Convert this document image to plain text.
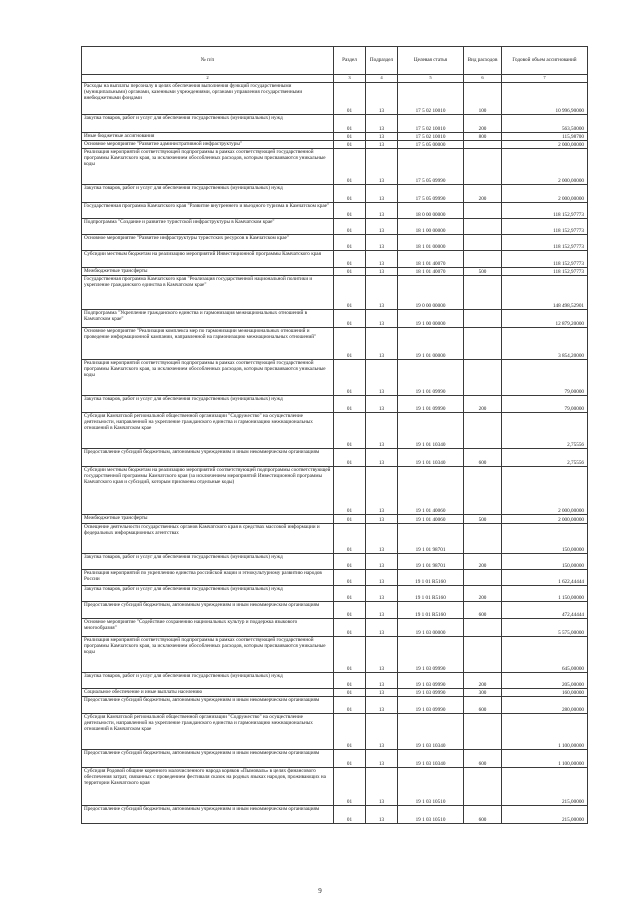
№ п/п	Раздел	Подраздел	Целевая статья	Вид расходов	Годовой объем ассигнований
2	3	4	5	6	7
Расходы на выплаты персоналу в целях обеспечения выполнения функций государственными (муниципальными) органами, казенными учреждениями, органами управления государственными внебюджетными фондами	01	13	17 5 02 10010	100	10 996,90000
Закупка товаров, работ и услуг для обеспечения государственных (муниципальных) нужд	01	13	17 5 02 10010	200	563,50000
Иные бюджетные ассигнования	01	13	17 5 02 10010	800	115,98700
Основное мероприятие "Развитие административной инфраструктуры"	01	13	17 5 05 00000		2 000,00000
Реализация мероприятий соответствующей подпрограммы в рамках соответствующей государственной программы Камчатского края, за исключением обособленных расходов, которым присваиваются уникальные коды	01	13	17 5 05 09990		2 000,00000
Закупка товаров, работ и услуг для обеспечения государственных (муниципальных) нужд	01	13	17 5 05 09990	200	2 000,00000
Государственная программа Камчатского края "Развитие внутреннего и въездного туризма в Камчатском крае"	01	13	18 0 00 00000		118 152,97773
Подпрограмма "Создание и развитие туристской инфраструктуры в Камчатском крае"	01	13	18 1 00 00000		118 152,97773
Основное мероприятие "Развитие инфраструктуры туристских ресурсов в Камчатском крае"	01	13	18 1 01 00000		118 152,97773
Субсидии местным бюджетам на реализацию мероприятий Инвестиционной программы Камчатского края	01	13	18 1 01 40070		118 152,97773
Межбюджетные трансферты	01	13	18 1 01 40070	500	118 152,97773
Государственная программа Камчатского края "Реализация государственной национальной политики и укрепление гражданского единства в Камчатском крае"	01	13	19 0 00 00000		148 498,52901
Подпрограмма "Укрепление гражданского единства и гармонизация межнациональных отношений в Камчатском крае"	01	13	19 1 00 00000		12 879,20000
Основное мероприятие "Реализация комплекса мер по гармонизации межнациональных отношений и проведение информационной кампании, направленной на гармонизацию межнациональных отношений"	01	13	19 1 01 00000		3 854,20000
Реализация мероприятий соответствующей подпрограммы в рамках соответствующей государственной программы Камчатского края, за исключением обособленных расходов, которым присваиваются уникальные коды	01	13	19 1 01 09990		79,00000
Закупка товаров, работ и услуг для обеспечения государственных (муниципальных) нужд	01	13	19 1 01 09990	200	79,00000
Субсидия Камчатской региональной общественной организации "Содружество" на осуществление деятельности, направленной на укрепление гражданского единства и гармонизацию межнациональных отношений в Камчатском крае	01	13	19 1 01 10340		2,75556
Предоставление субсидий бюджетным, автономным учреждениям и иным некоммерческим организациям	01	13	19 1 01 10340	600	2,75556
Субсидии местным бюджетам на реализацию мероприятий соответствующей подпрограммы соответствующей государственной программы Камчатского края (за исключением мероприятий Инвестиционной программы Камчатского края и субсидий, которым присвоены отдельные коды)	01	13	19 1 01 40060		2 000,00000
Межбюджетные трансферты	01	13	19 1 01 40060	500	2 000,00000
Освещение деятельности государственных органов Камчатского края в средствах массовой информации и федеральных информационных агентствах	01	13	19 1 01 98701		150,00000
Закупка товаров, работ и услуг для обеспечения государственных (муниципальных) нужд	01	13	19 1 01 98701	200	150,00000
Реализация мероприятий по укреплению единства российской нации и этнокультурному развитию народов России	01	13	19 1 01 R5160		1 622,44444
Закупка товаров, работ и услуг для обеспечения государственных (муниципальных) нужд	01	13	19 1 01 R5160	200	1 150,00000
Предоставление субсидий бюджетным, автономным учреждениям и иным некоммерческим организациям	01	13	19 1 01 R5160	600	472,44444
Основное мероприятие "Содействие сохранению национальных культур и поддержка языкового многообразия"	01	13	19 1 03 00000		5 575,00000
Реализация мероприятий соответствующей подпрограммы в рамках соответствующей государственной программы Камчатского края, за исключением обособленных расходов, которым присваиваются уникальные коды	01	13	19 1 03 09990		645,00000
Закупка товаров, работ и услуг для обеспечения государственных (муниципальных) нужд	01	13	19 1 03 09990	200	205,00000
Социальное обеспечение и иные выплаты населению	01	13	19 1 03 09990	300	160,00000
Предоставление субсидий бюджетным, автономным учреждениям и иным некоммерческим организациям	01	13	19 1 03 09990	600	280,00000
Субсидия Камчатской региональной общественной организации "Содружество" на осуществление деятельности, направленной на укрепление гражданского единства и гармонизацию межнациональных отношений в Камчатском крае	01	13	19 1 03 10340		1 100,00000
Предоставление субсидий бюджетным, автономным учреждениям и иным некоммерческим организациям	01	13	19 1 03 10340	600	1 100,00000
Субсидия Родовой общине коренного малочисленного народа коряков «Пымоваль» в целях финансового обеспечения затрат, связанных с проведением фестиваля сказок на родных языках народов, проживающих на территории Камчатского края	01	13	19 1 03 10510		215,00000
Предоставление субсидий бюджетным, автономным учреждениям и иным некоммерческим организациям	01	13	19 1 03 10510	600	215,00000
9
